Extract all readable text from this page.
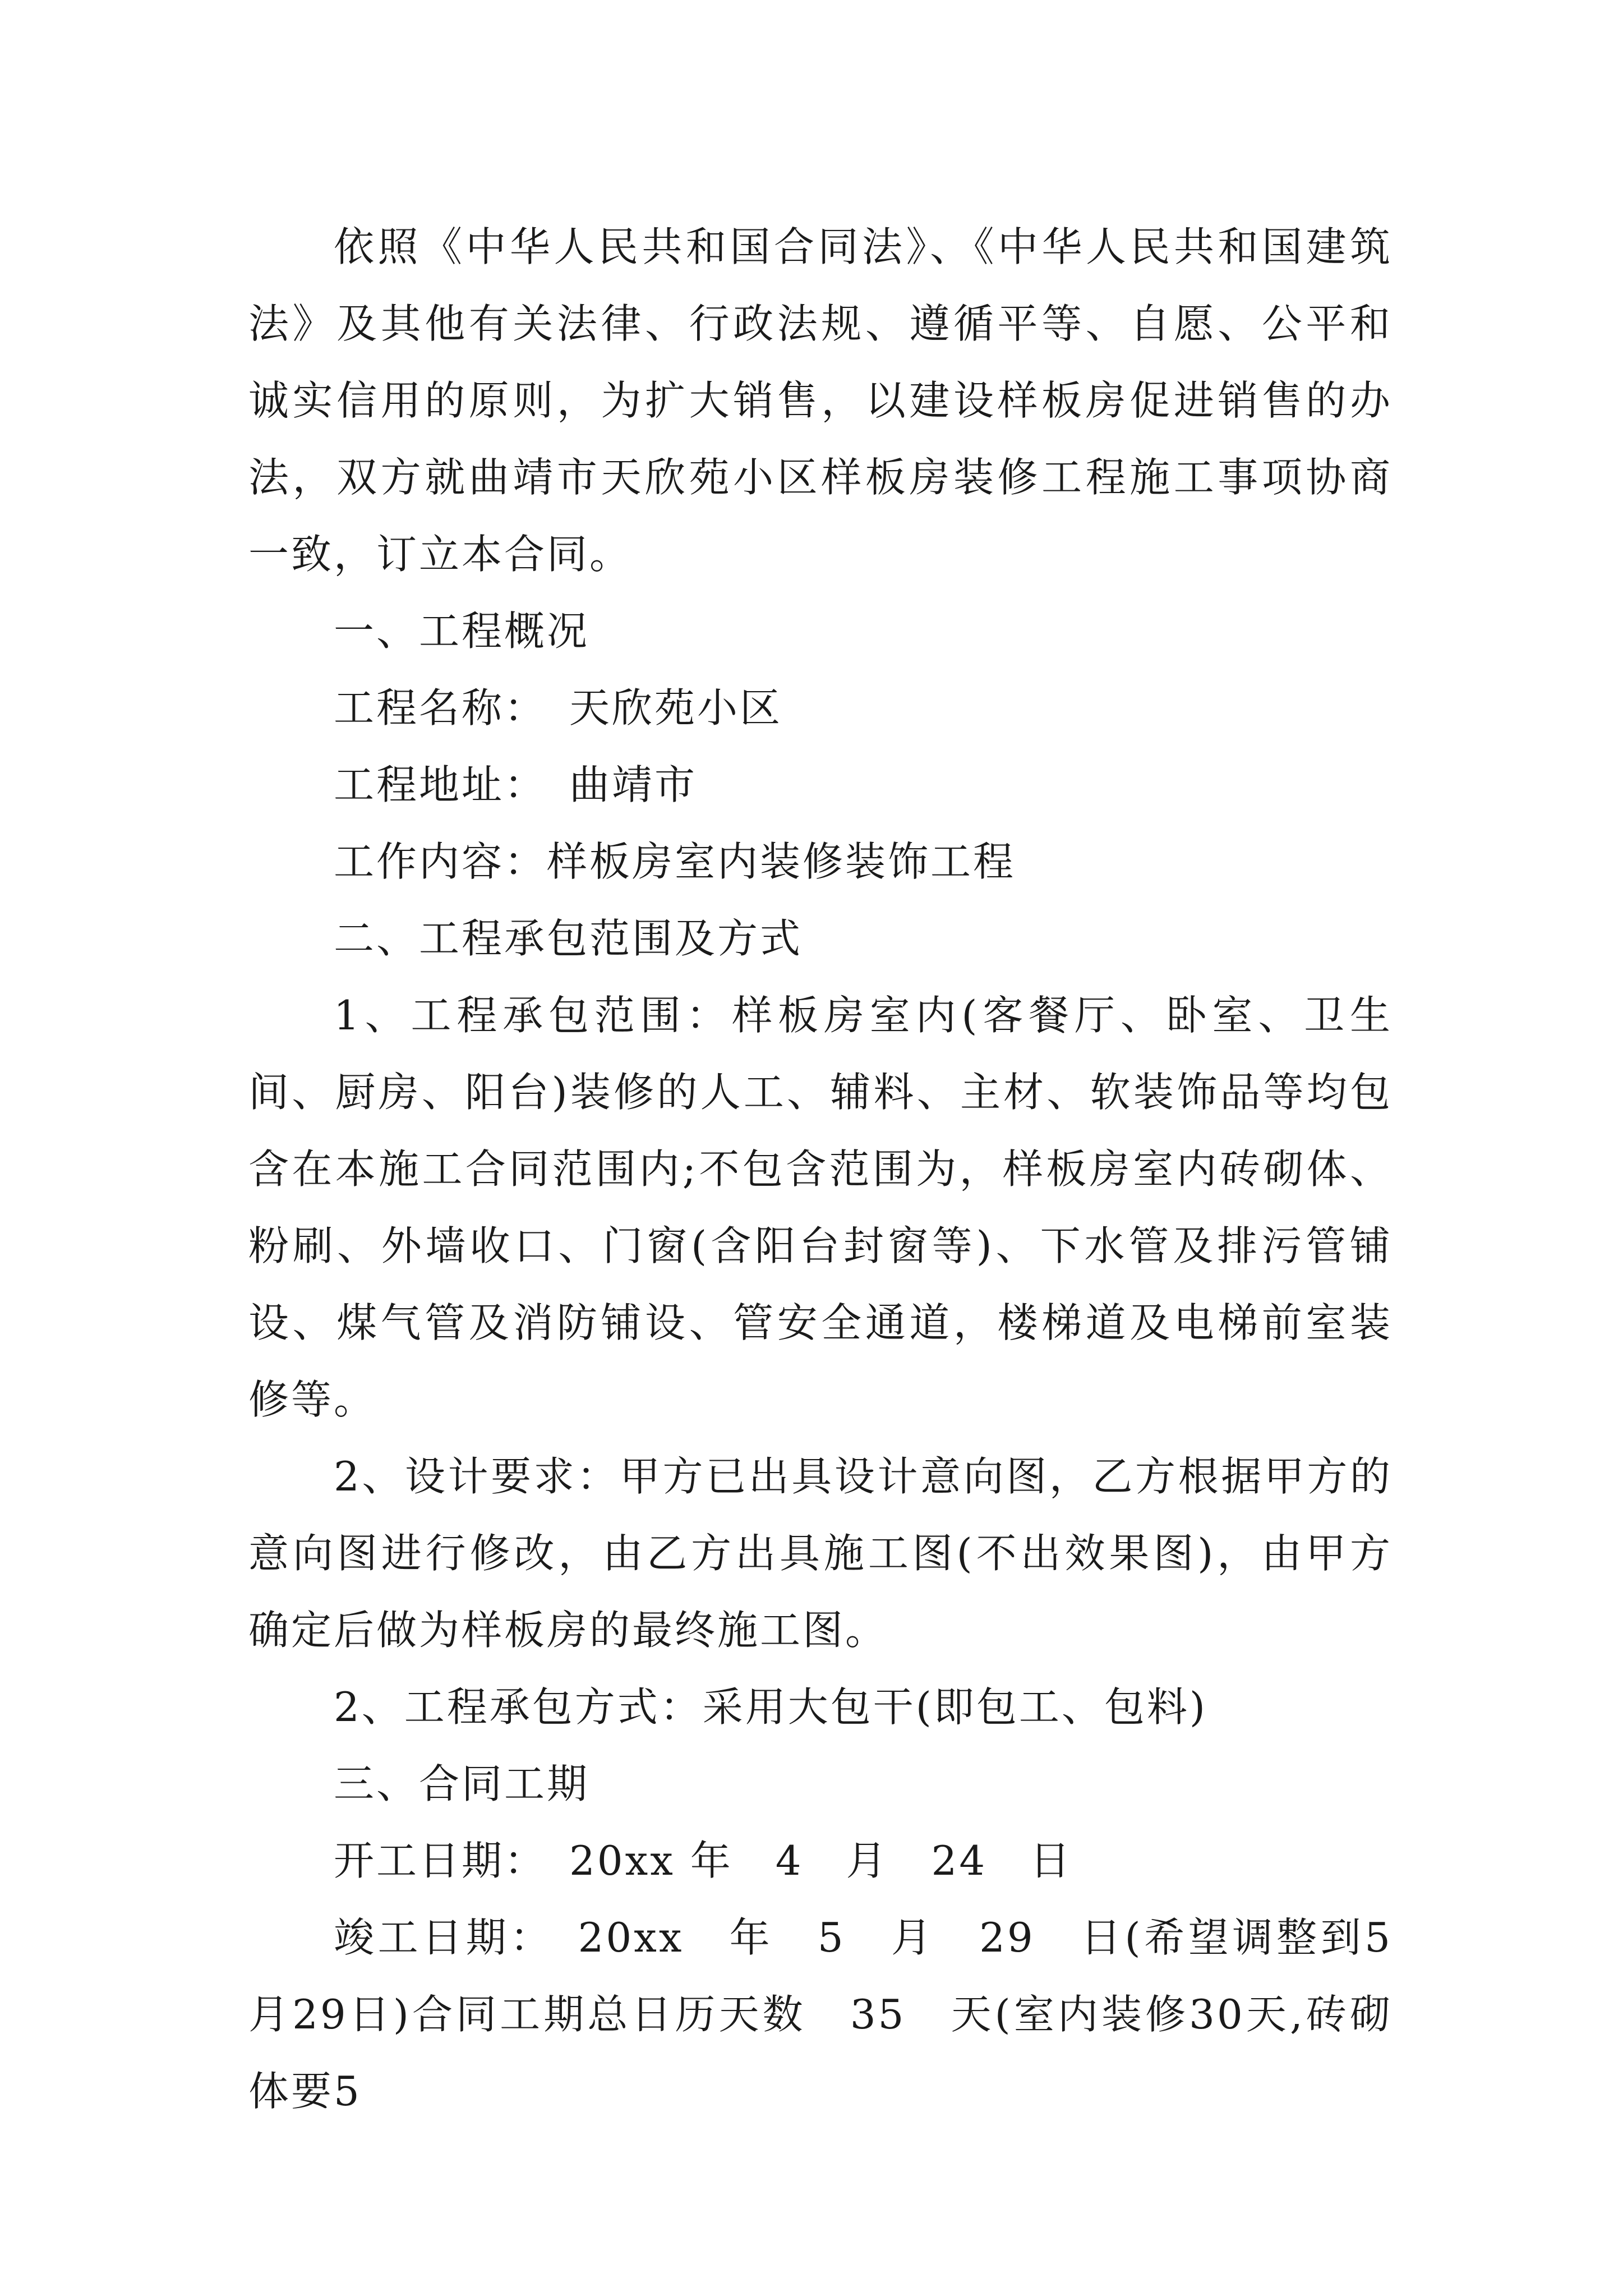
依照《中华人民共和国合同法》、《中华人民共和国建筑法》及其他有关法律、行政法规、遵循平等、自愿、公平和诚实信用的原则，为扩大销售，以建设样板房促进销售的办法，双方就曲靖市天欣苑小区样板房装修工程施工事项协商一致，订立本合同。

一、工程概况

工程名称：　天欣苑小区

工程地址：　曲靖市

工作内容：样板房室内装修装饰工程

二、工程承包范围及方式

1、工程承包范围：样板房室内(客餐厅、卧室、卫生间、厨房、阳台)装修的人工、辅料、主材、软装饰品等均包含在本施工合同范围内;不包含范围为，样板房室内砖砌体、粉刷、外墙收口、门窗(含阳台封窗等)、下水管及排污管铺设、煤气管及消防铺设、管安全通道，楼梯道及电梯前室装修等。

2、设计要求：甲方已出具设计意向图，乙方根据甲方的意向图进行修改，由乙方出具施工图(不出效果图)，由甲方确定后做为样板房的最终施工图。

2、工程承包方式：采用大包干(即包工、包料)

三、合同工期

开工日期：　20xx 年　4　月　24　日

竣工日期：　20xx　年　5　月　29　日(希望调整到5月29日)合同工期总日历天数　35　天(室内装修30天,砖砌体要5
